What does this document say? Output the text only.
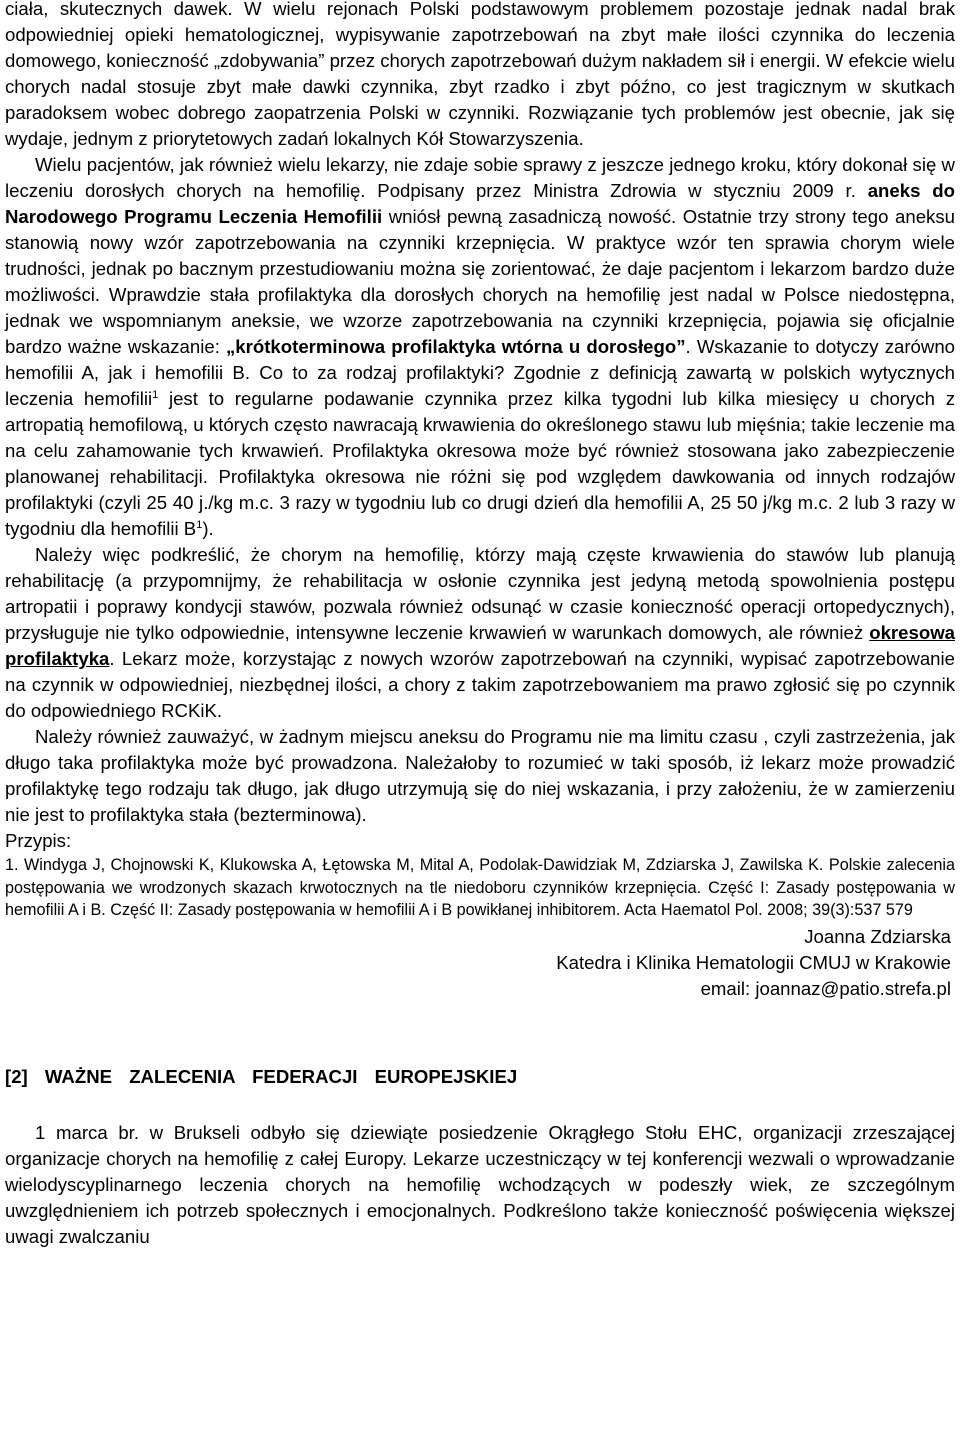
ciała, skutecznych dawek. W wielu rejonach Polski podstawowym problemem pozostaje jednak nadal brak odpowiedniej opieki hematologicznej, wypisywanie zapotrzebowań na zbyt małe ilości czynnika do leczenia domowego, konieczność „zdobywania” przez chorych zapotrzebowań dużym nakładem sił i energii. W efekcie wielu chorych nadal stosuje zbyt małe dawki czynnika, zbyt rzadko i zbyt późno, co jest tragicznym w skutkach paradoksem wobec dobrego zaopatrzenia Polski w czynniki. Rozwiązanie tych problemów jest obecnie, jak się wydaje, jednym z priorytetowych zadań lokalnych Kół Stowarzyszenia.

Wielu pacjentów, jak również wielu lekarzy, nie zdaje sobie sprawy z jeszcze jednego kroku, który dokonał się w leczeniu dorosłych chorych na hemofilię. Podpisany przez Ministra Zdrowia w styczniu 2009 r. aneks do Narodowego Programu Leczenia Hemofilii wniósł pewną zasadniczą nowość. Ostatnie trzy strony tego aneksu stanowią nowy wzór zapotrzebowania na czynniki krzepnięcia. W praktyce wzór ten sprawia chorym wiele trudności, jednak po bacznym przestudiowaniu można się zorientować, że daje pacjentom i lekarzom bardzo duże możliwości. Wprawdzie stała profilaktyka dla dorosłych chorych na hemofilię jest nadal w Polsce niedostępna, jednak we wspomnianym aneksie, we wzorze zapotrzebowania na czynniki krzepnięcia, pojawia się oficjalnie bardzo ważne wskazanie: „krótkoterminowa profilaktyka wtórna u dorosłego”. Wskazanie to dotyczy zarówno hemofilii A, jak i hemofilii B. Co to za rodzaj profilaktyki? Zgodnie z definicją zawartą w polskich wytycznych leczenia hemofilii$^1$ jest to regularne podawanie czynnika przez kilka tygodni lub kilka miesięcy u chorych z artropatią hemofilową, u których często nawracają krwawienia do określonego stawu lub mięśnia; takie leczenie ma na celu zahamowanie tych krwawień. Profilaktyka okresowa może być również stosowana jako zabezpieczenie planowanej rehabilitacji. Profilaktyka okresowa nie różni się pod względem dawkowania od innych rodzajów profilaktyki (czyli 25 40 j./kg m.c. 3 razy w tygodniu lub co drugi dzień dla hemofilii A, 25 50 j/kg m.c. 2 lub 3 razy w tygodniu dla hemofilii $B^1$).

Należy więc podkreślić, że chorym na hemofilię, którzy mają częste krwawienia do stawów lub planują rehabilitację (a przypomnijmy, że rehabilitacja w osłonie czynnika jest jedyną metodą spowolnienia postępu artropatii i poprawy kondycji stawów, pozwala również odsunąć w czasie konieczność operacji ortopedycznych), przysługuje nie tylko odpowiednie, intensywne leczenie krwawień w warunkach domowych, ale również okresowa profilaktyka. Lekarz może, korzystając z nowych wzorów zapotrzebowań na czynniki, wypisać zapotrzebowanie na czynnik w odpowiedniej, niezbędnej ilości, a chory z takim zapotrzebowaniem ma prawo zgłosić się po czynnik do odpowiedniego RCKiK.

Należy również zauważyć, w żadnym miejscu aneksu do Programu nie ma limitu czasu , czyli zastrzeżenia, jak długo taka profilaktyka może być prowadzona. Należałoby to rozumieć w taki sposób, iż lekarz może prowadzić profilaktykę tego rodzaju tak długo, jak długo utrzymują się do niej wskazania, i przy założeniu, że w zamierzeniu nie jest to profilaktyka stała (bezterminowa).

Przypis:

1. Windyga J, Chojnowski K, Klukowska A, Łętowska M, Mital A, Podolak-Dawidziak M, Zdziarska J, Zawilska K. Polskie zalecenia postępowania we wrodzonych skazach krwotocznych na tle niedoboru czynników krzepnięcia. Część I: Zasady postępowania w hemofilii A i B. Część II: Zasady postępowania w hemofilii A i B powikłanej inhibitorem. Acta Haematol Pol. 2008; 39(3):537 579

Joanna Zdziarska

Katedra i Klinika Hematologii CMUJ w Krakowie

email: joannaz@patio.strefa.pl

[2] WAŻNE ZALECENIA FEDERACJI EUROPEJSKIEJ

1 marca br. w Brukseli odbyło się dziewiąte posiedzenie Okrągłego Stołu EHC, organizacji zrzeszającej organizacje chorych na hemofilię z całej Europy. Lekarze uczestniczący w tej konferencji wezwali o wprowadzanie wielodyscyplinarnego leczenia chorych na hemofilię wchodzących w podeszły wiek, ze szczególnym uwzględnieniem ich potrzeb społecznych i emocjonalnych. Podkreślono także konieczność poświęcenia większej uwagi zwalczaniu
